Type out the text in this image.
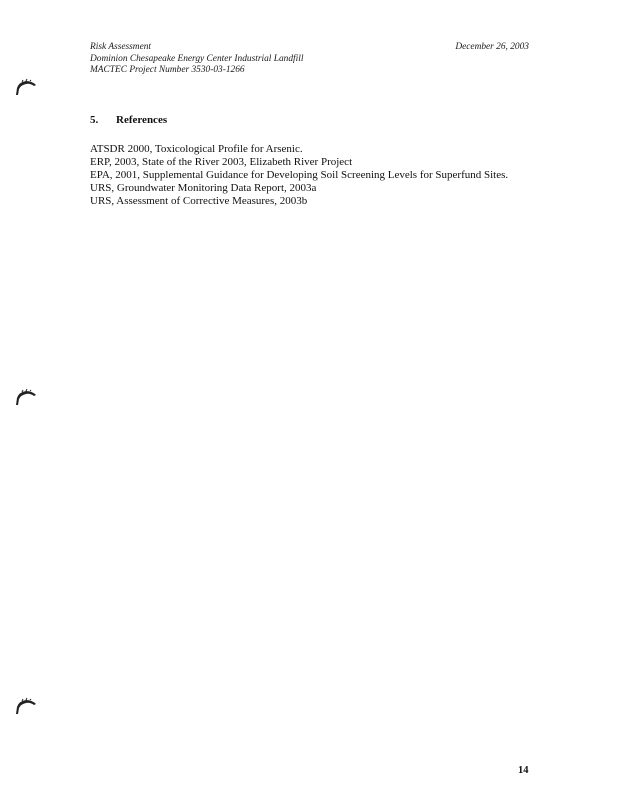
Risk Assessment
Dominion Chesapeake Energy Center Industrial Landfill
MACTEC Project Number 3530-03-1266
December 26, 2003
5. References
ATSDR 2000, Toxicological Profile for Arsenic.
ERP, 2003, State of the River 2003, Elizabeth River Project
EPA, 2001, Supplemental Guidance for Developing Soil Screening Levels for Superfund Sites.
URS, Groundwater Monitoring Data Report, 2003a
URS, Assessment of Corrective Measures, 2003b
14
